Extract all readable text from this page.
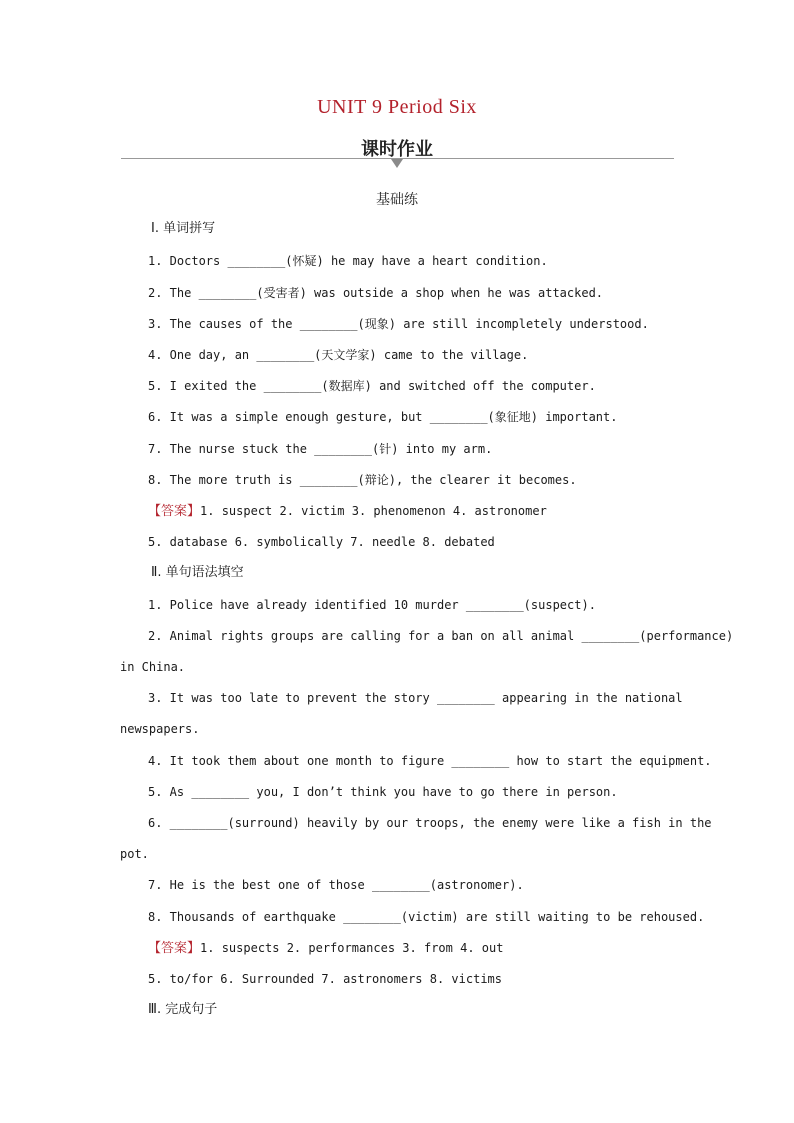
UNIT 9 Period Six
课时作业
基础练
Ⅰ. 单词拼写
1. Doctors ________(怀疑) he may have a heart condition.
2. The ________(受害者) was outside a shop when he was attacked.
3. The causes of the ________(现象) are still incompletely understood.
4. One day, an ________(天文学家) came to the village.
5. I exited the ________(数据库) and switched off the computer.
6. It was a simple enough gesture, but ________(象征地) important.
7. The nurse stuck the ________(针) into my arm.
8. The more truth is ________(辩论), the clearer it becomes.
【答案】1. suspect 2. victim 3. phenomenon 4. astronomer
5. database 6. symbolically 7. needle 8. debated
Ⅱ. 单句语法填空
1. Police have already identified 10 murder ________(suspect).
2. Animal rights groups are calling for a ban on all animal ________(performance)
in China.
3. It was too late to prevent the story ________ appearing in the national
newspapers.
4. It took them about one month to figure ________ how to start the equipment.
5. As ________ you, I don’t think you have to go there in person.
6. ________(surround) heavily by our troops, the enemy were like a fish in the
pot.
7. He is the best one of those ________(astronomer).
8. Thousands of earthquake ________(victim) are still waiting to be rehoused.
【答案】1. suspects 2. performances 3. from 4. out
5. to/for 6. Surrounded 7. astronomers 8. victims
Ⅲ. 完成句子
